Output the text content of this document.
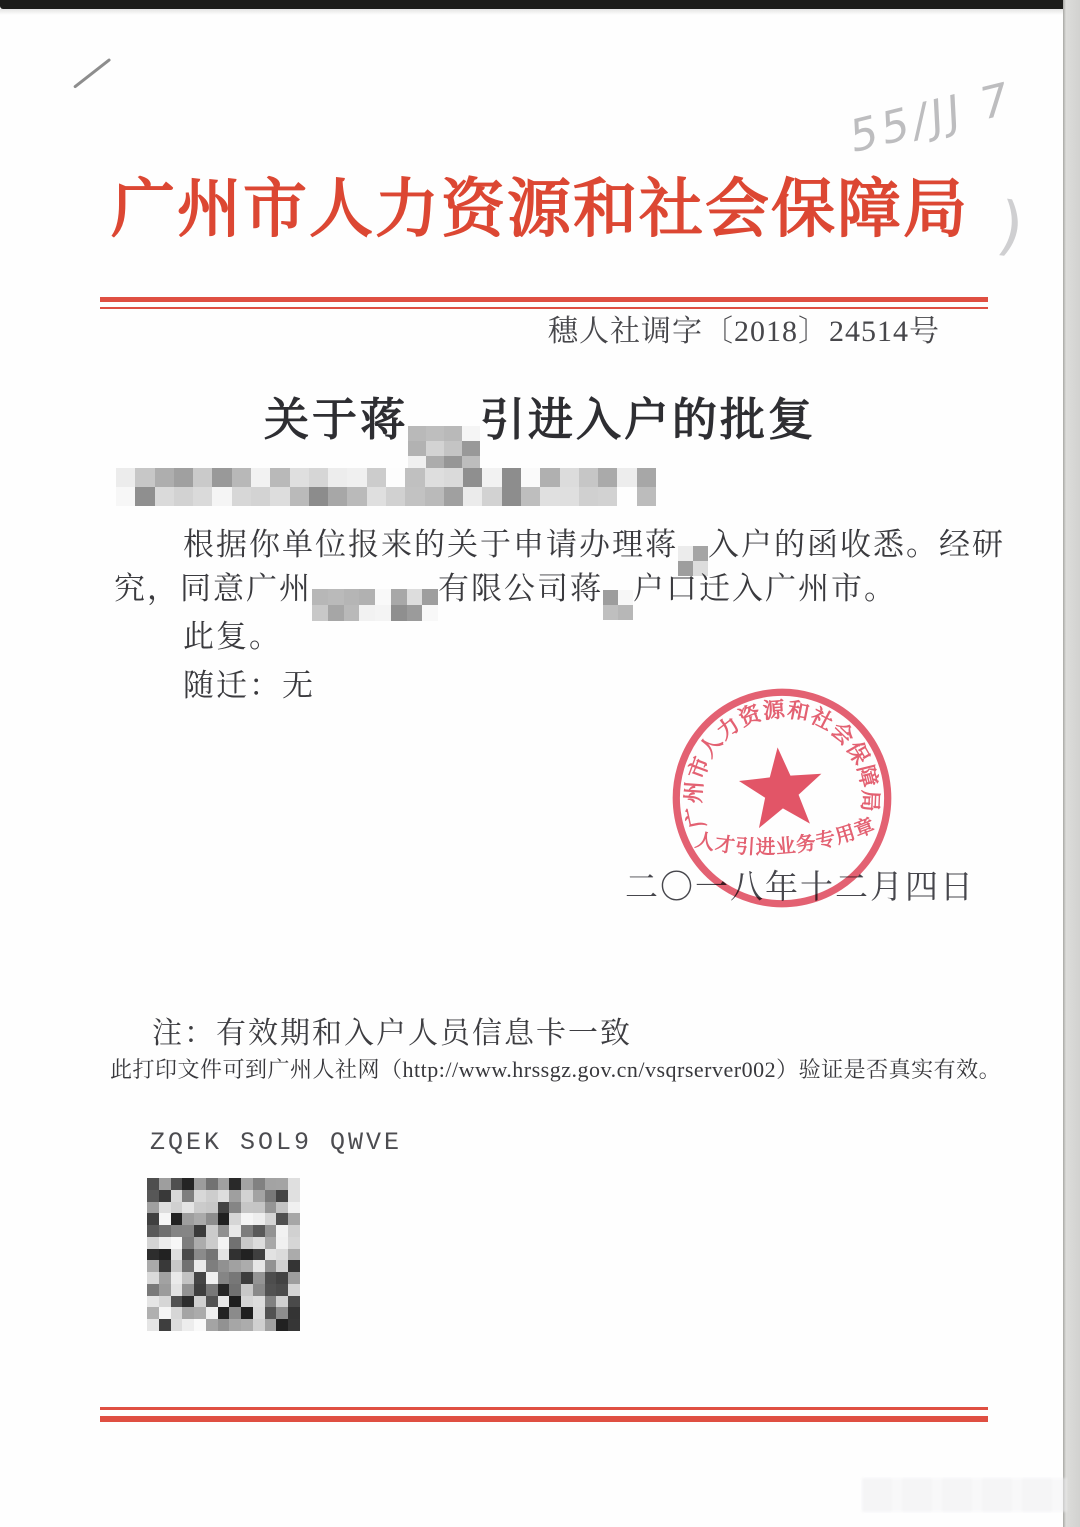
55/JJ 7
)
广州市人力资源和社会保障局
穗人社调字〔2018〕24514号
关于蒋 引进入户的批复
根据你单位报来的关于申请办理蒋 入户的函收悉。经研
究，同意广州	有限公司蒋 户口迁入广州市。
此复。
随迁：无
二〇一八年十二月四日
广州市人力资源和社会保障局
人才引进业务专用章
注：有效期和入户人员信息卡一致
此打印文件可到广州人社网（http://www.hrssgz.gov.cn/vsqrserver002）验证是否真实有效。
ZQEK SOL9 QWVE
